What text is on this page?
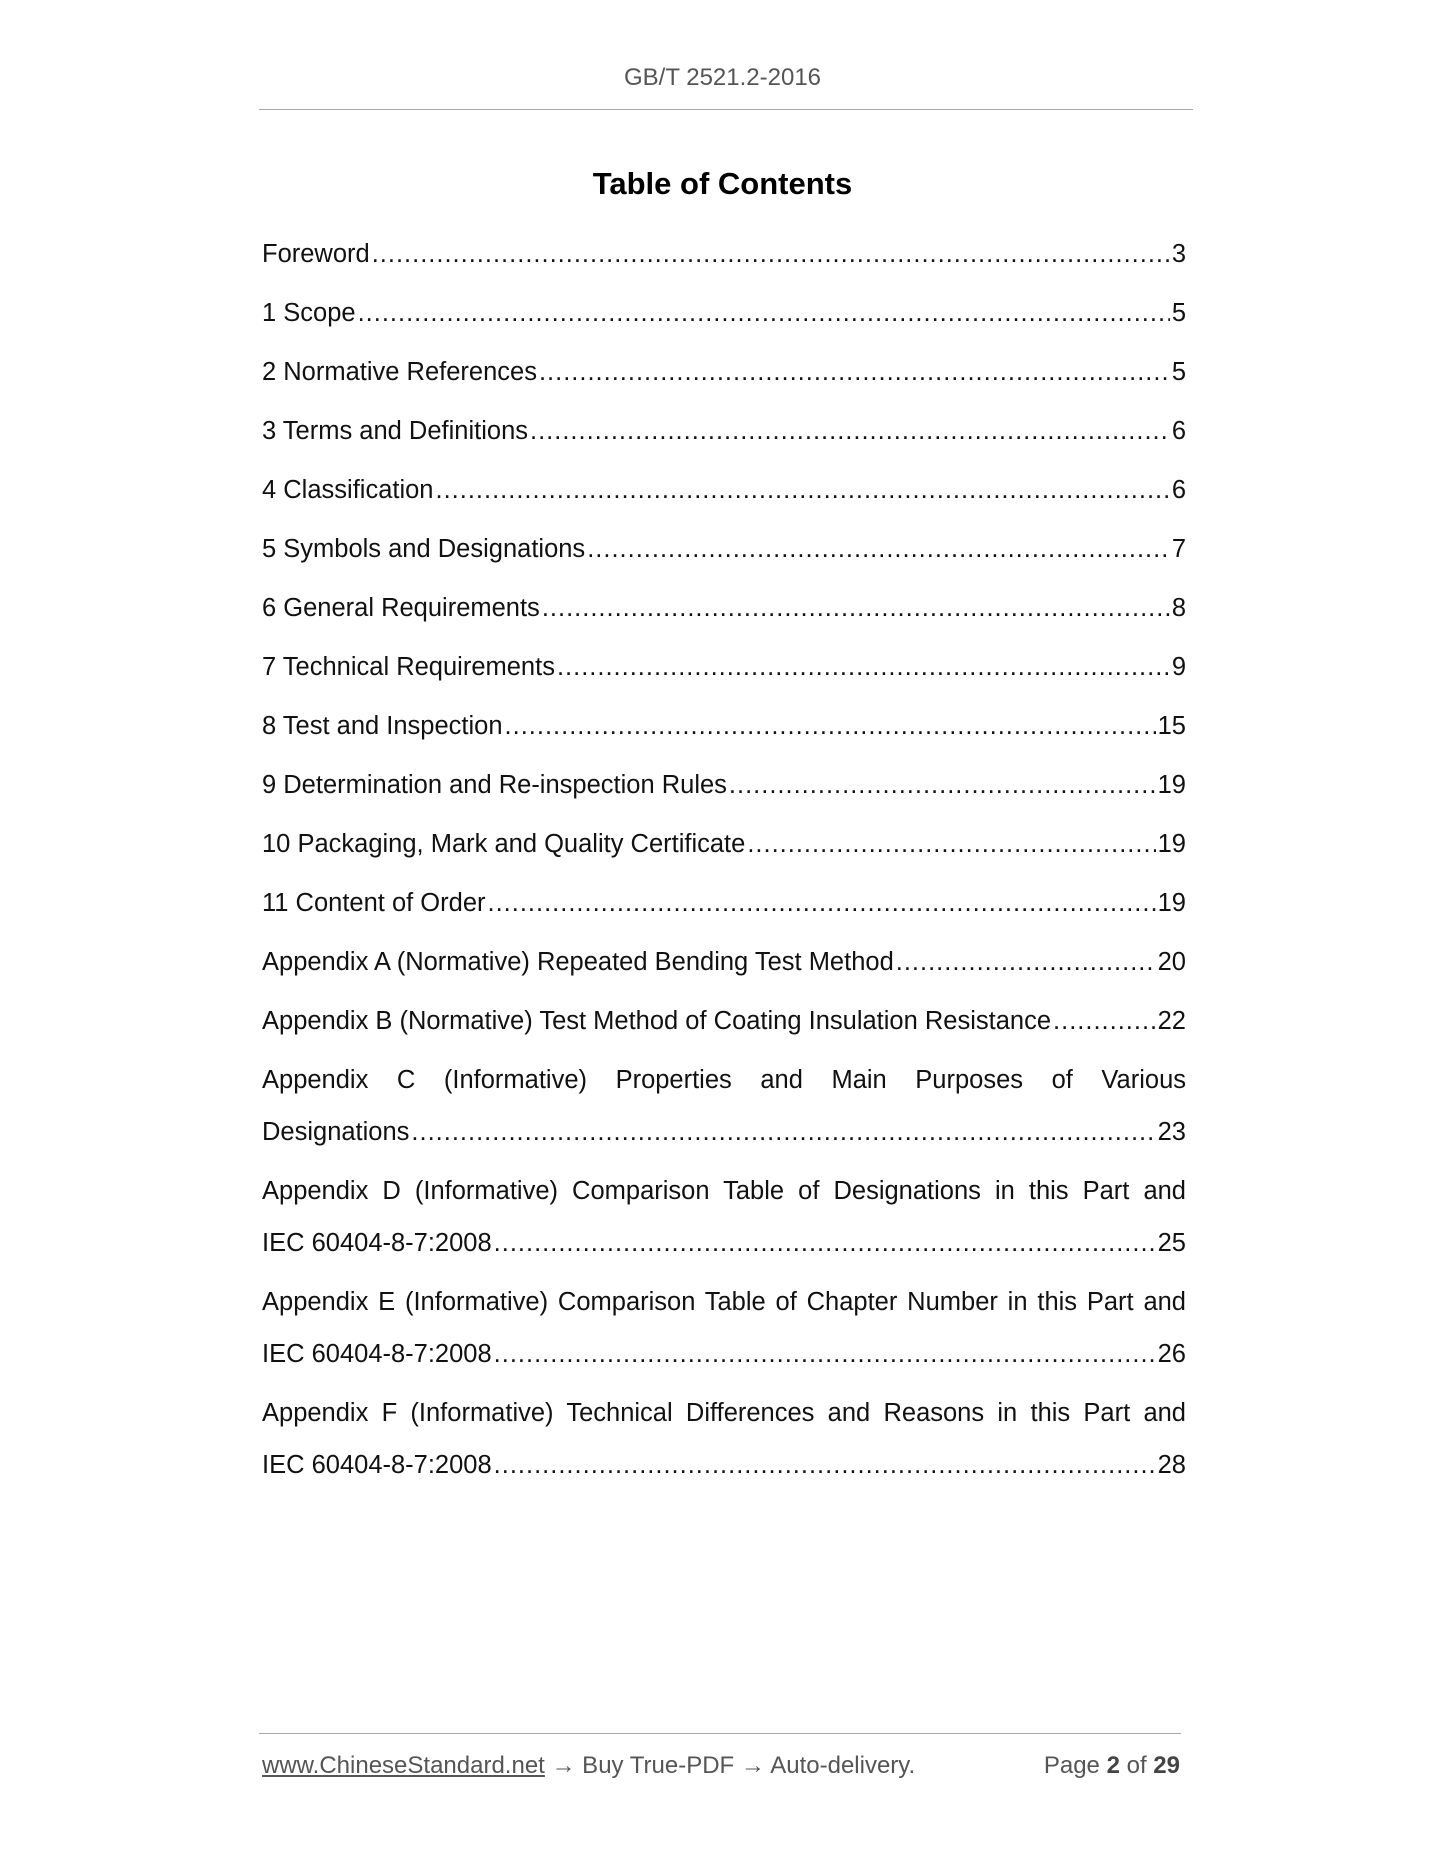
GB/T 2521.2-2016
Table of Contents
Foreword .....	3
1 Scope .....	5
2 Normative References .....	5
3 Terms and Definitions .....	6
4 Classification .....	6
5 Symbols and Designations .....	7
6 General Requirements .....	8
7 Technical Requirements .....	9
8 Test and Inspection .....	15
9 Determination and Re-inspection Rules .....	19
10 Packaging, Mark and Quality Certificate .....	19
11 Content of Order .....	19
Appendix A (Normative) Repeated Bending Test Method .....	20
Appendix B (Normative) Test Method of Coating Insulation Resistance .....	22
Appendix C (Informative) Properties and Main Purposes of Various
Designations .....	23
Appendix D (Informative) Comparison Table of Designations in this Part and
IEC 60404-8-7:2008 .....	25
Appendix E (Informative) Comparison Table of Chapter Number in this Part and
IEC 60404-8-7:2008 .....	26
Appendix F (Informative) Technical Differences and Reasons in this Part and
IEC 60404-8-7:2008 .....	28
www.ChineseStandard.net → Buy True-PDF → Auto-delivery.	Page 2 of 29
